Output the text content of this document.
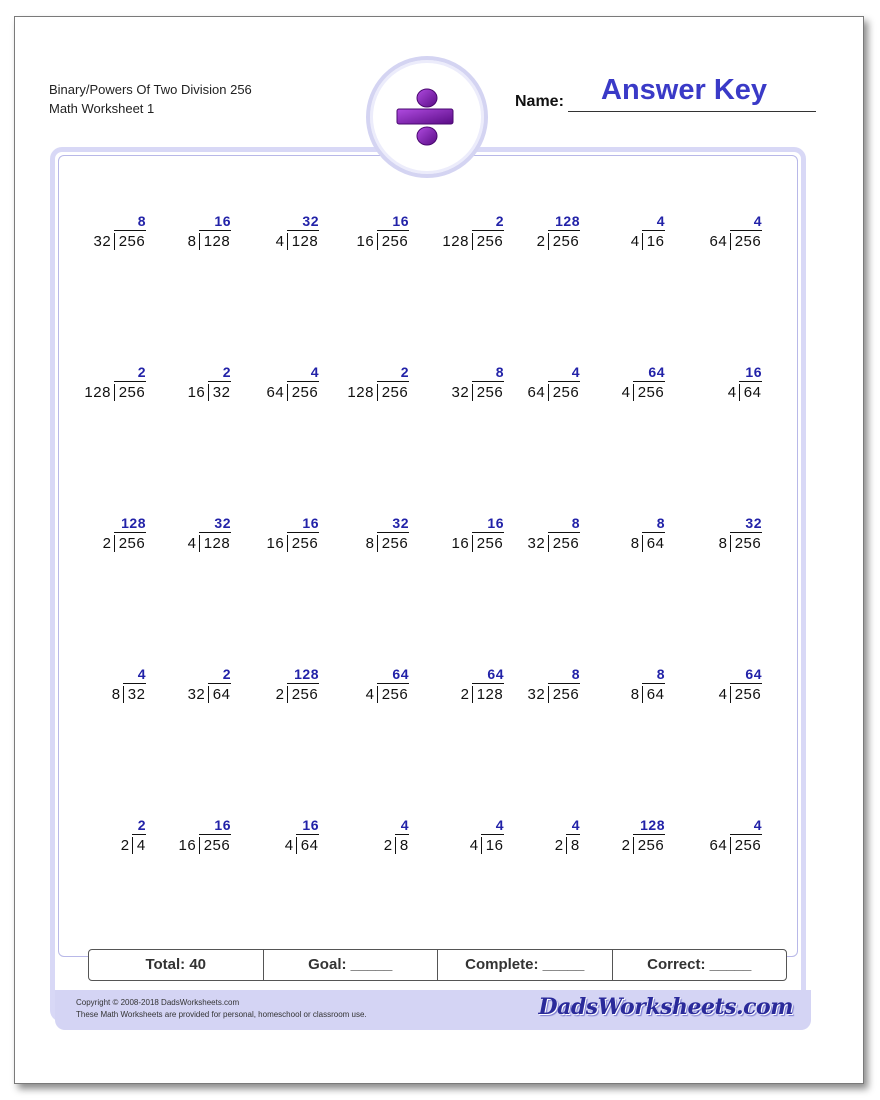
Binary/Powers Of Two Division 256
Math Worksheet 1
Answer Key
Name:
8
32 256
16
8 128
32
4 128
16
16 256
2
128 256
128
2 256
4
4 16
4
64 256
2
128 256
2
16 32
4
64 256
2
128 256
8
32 256
4
64 256
64
4 256
16
4 64
128
2 256
32
4 128
16
16 256
32
8 256
16
16 256
8
32 256
8
8 64
32
8 256
4
8 32
2
32 64
128
2 256
64
4 256
64
2 128
8
32 256
8
8 64
64
4 256
2
2 4
16
16 256
16
4 64
4
2 8
4
4 16
4
2 8
128
2 256
4
64 256
Total: 40	Goal: _____	Complete: _____	Correct: _____
Copyright © 2008-2018 DadsWorksheets.com
These Math Worksheets are provided for personal, homeschool or classroom use.	DadsWorksheets.com
